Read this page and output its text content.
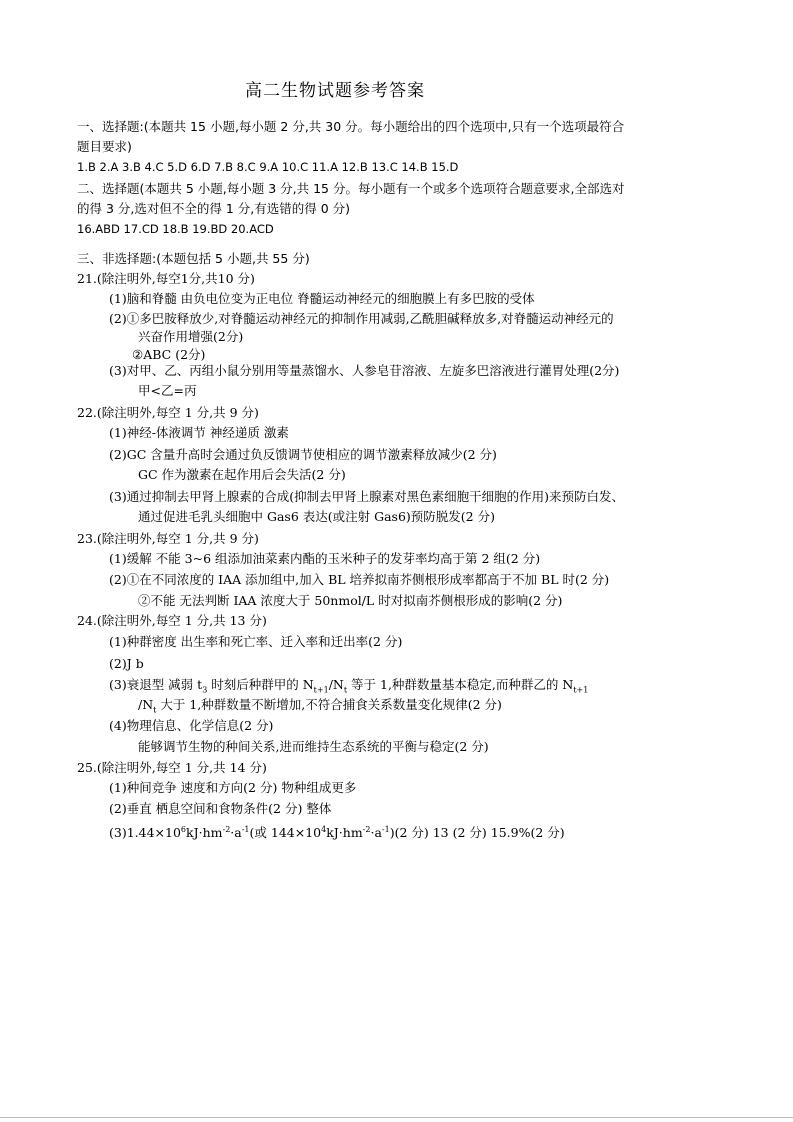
高二生物试题参考答案
一、选择题:(本题共 15 小题,每小题 2 分,共 30 分。每小题给出的四个选项中,只有一个选项最符合
题目要求)
1.B 2.A 3.B 4.C 5.D 6.D 7.B 8.C 9.A 10.C 11.A 12.B 13.C 14.B 15.D
二、选择题(本题共 5 小题,每小题 3 分,共 15 分。每小题有一个或多个选项符合题意要求,全部选对
的得 3 分,选对但不全的得 1 分,有选错的得 0 分)
16.ABD 17.CD 18.B 19.BD 20.ACD
三、非选择题:(本题包括 5 小题,共 55 分)
21.(除注明外,每空1分,共10 分)
(1)脑和脊髓 由负电位变为正电位 脊髓运动神经元的细胞膜上有多巴胺的受体
(2)①多巴胺释放少,对脊髓运动神经元的抑制作用减弱,乙酰胆碱释放多,对脊髓运动神经元的
兴奋作用增强(2分)
②ABC (2分)
(3)对甲、乙、丙组小鼠分别用等量蒸馏水、人参皂苷溶液、左旋多巴溶液进行灌胃处理(2分)
甲<乙=丙
22.(除注明外,每空 1 分,共 9 分)
(1)神经-体液调节 神经递质 激素
(2)GC 含量升高时会通过负反馈调节使相应的调节激素释放减少(2 分)
GC 作为激素在起作用后会失活(2 分)
(3)通过抑制去甲肾上腺素的合成(抑制去甲肾上腺素对黑色素细胞干细胞的作用)来预防白发、
通过促进毛乳头细胞中 Gas6 表达(或注射 Gas6)预防脱发(2 分)
23.(除注明外,每空 1 分,共 9 分)
(1)缓解 不能 3~6 组添加油菜素内酯的玉米种子的发芽率均高于第 2 组(2 分)
(2)①在不同浓度的 IAA 添加组中,加入 BL 培养拟南芥侧根形成率都高于不加 BL 时(2 分)
②不能 无法判断 IAA 浓度大于 50nmol/L 时对拟南芥侧根形成的影响(2 分)
24.(除注明外,每空 1 分,共 13 分)
(1)种群密度 出生率和死亡率、迁入率和迁出率(2 分)
(2)J b
(3)衰退型 减弱 $t_3$ 时刻后种群甲的 $N_{t+1}/N_t$ 等于 1,种群数量基本稳定,而种群乙的 $N_{t+1}$
$/N_t$ 大于 1,种群数量不断增加,不符合捕食关系数量变化规律(2 分)
(4)物理信息、化学信息(2 分)
能够调节生物的种间关系,进而维持生态系统的平衡与稳定(2 分)
25.(除注明外,每空 1 分,共 14 分)
(1)种间竞争 速度和方向(2 分) 物种组成更多
(2)垂直 栖息空间和食物条件(2 分) 整体
$(3)1.44\times 10^6kJ\cdot hm^{-2}\cdot a^{-1}$(或 $144\times 10^4kJ\cdot hm^{-2}\cdot a^{-1})(2$ 分) 13 (2 分) 15.9%(2 分)
